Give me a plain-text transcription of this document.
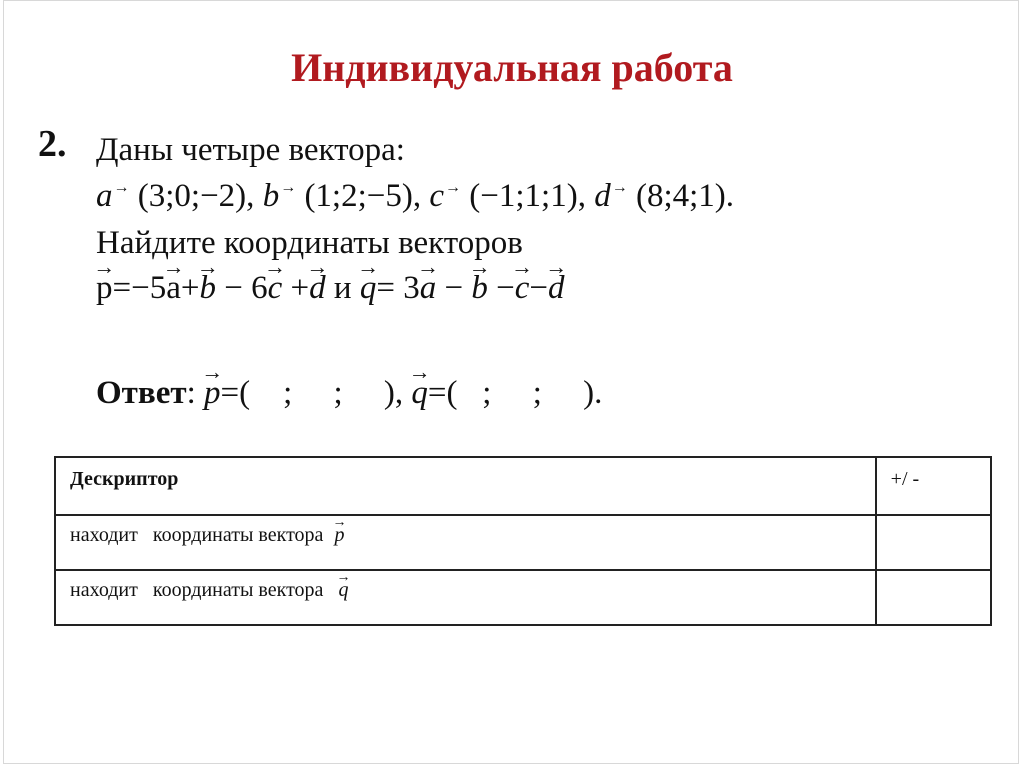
Индивидуальная работа
2. Даны четыре вектора:
a→ (3;0;−2), b→ (1;2;−5), c→ (−1;1;1), d→ (8;4;1).
Найдите координаты векторов
→
p=−5
→
a+
→
b − 6
→
c +
→
d и
→
q= 3
→
a −
→
b −
→
c−
→
d
Ответ:
→
p=(    ;     ;     ),
→
q=(   ;     ;     ).
Дескриптор	+/ -
находит   координаты вектора
→
p	
находит   координаты вектора
→
q	
